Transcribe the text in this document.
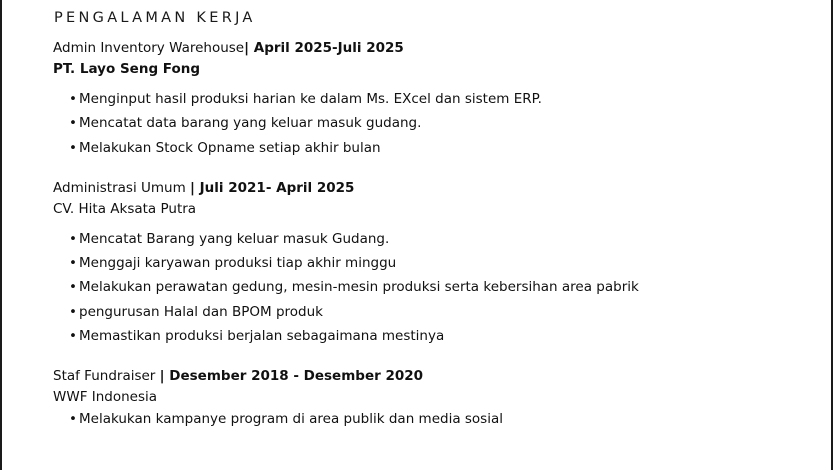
PENGALAMAN KERJA
Admin Inventory Warehouse| April 2025-Juli 2025
PT. Layo Seng Fong
• Menginput hasil produksi harian ke dalam Ms. EXcel dan sistem ERP.
• Mencatat data barang yang keluar masuk gudang.
• Melakukan Stock Opname setiap akhir bulan
Administrasi Umum | Juli 2021- April 2025
CV. Hita Aksata Putra
• Mencatat Barang yang keluar masuk Gudang.
• Menggaji karyawan produksi tiap akhir minggu
• Melakukan perawatan gedung, mesin-mesin produksi serta kebersihan area pabrik
• pengurusan Halal dan BPOM produk
• Memastikan produksi berjalan sebagaimana mestinya
Staf Fundraiser | Desember 2018 - Desember 2020
WWF Indonesia
• Melakukan kampanye program di area publik dan media sosial
